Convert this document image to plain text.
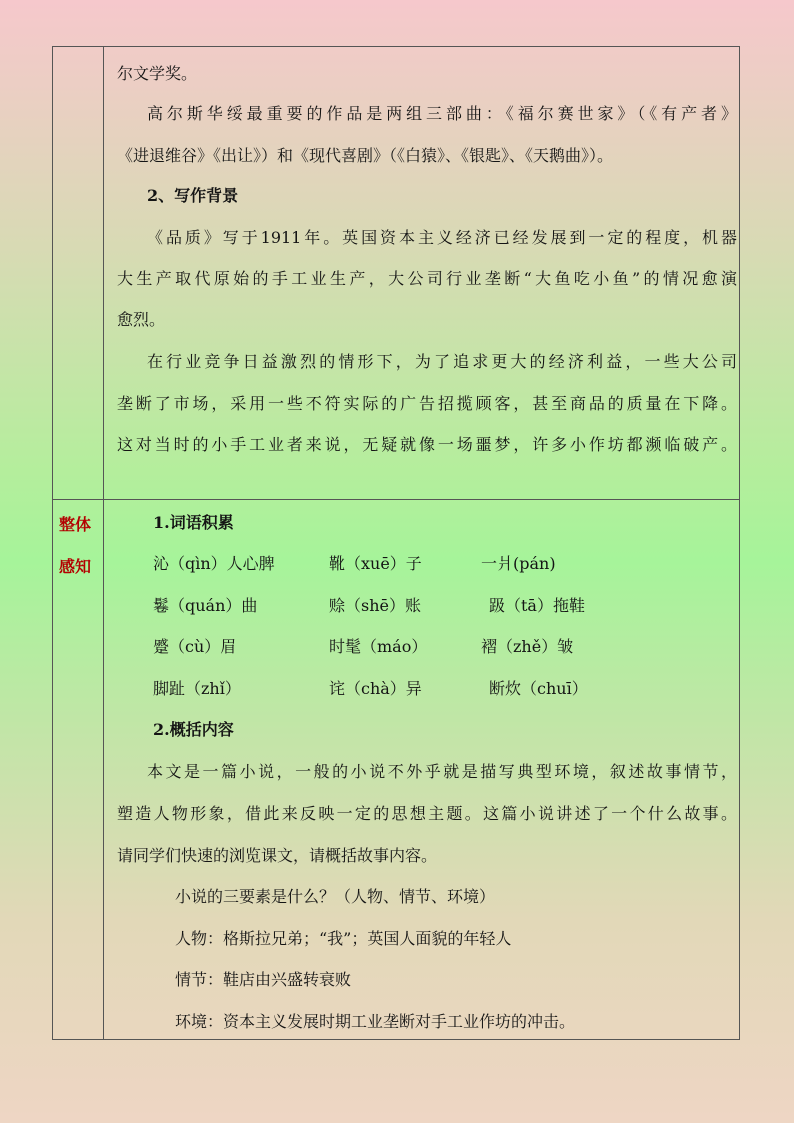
尔文学奖。
高尔斯华绥最重要的作品是两组三部曲：《福尔赛世家》（《有产者》
《进退维谷》《出让》）和《现代喜剧》（《白猿》、《银匙》、《天鹅曲》）。
2、写作背景
《品质》写于1911年。英国资本主义经济已经发展到一定的程度，机器
大生产取代原始的手工业生产，大公司行业垄断“大鱼吃小鱼”的情况愈演
愈烈。
在行业竞争日益激烈的情形下，为了追求更大的经济利益，一些大公司
垄断了市场，采用一些不符实际的广告招揽顾客，甚至商品的质量在下降。
这对当时的小手工业者来说，无疑就像一场噩梦，许多小作坊都濒临破产。
整体
感知
1.词语积累
沁（qìn）人心脾	靴（xuē）子	一爿(pán)
鬈（quán）曲	赊（shē）账	趿（tā）拖鞋
蹙（cù）眉	时髦（máo）	褶（zhě）皱
脚趾（zhǐ）	诧（chà）异	断炊（chuī）
2.概括内容
本文是一篇小说，一般的小说不外乎就是描写典型环境，叙述故事情节，
塑造人物形象，借此来反映一定的思想主题。这篇小说讲述了一个什么故事。
请同学们快速的浏览课文，请概括故事内容。
小说的三要素是什么？（人物、情节、环境）
人物：格斯拉兄弟；“我”；英国人面貌的年轻人
情节：鞋店由兴盛转衰败
环境：资本主义发展时期工业垄断对手工业作坊的冲击。
